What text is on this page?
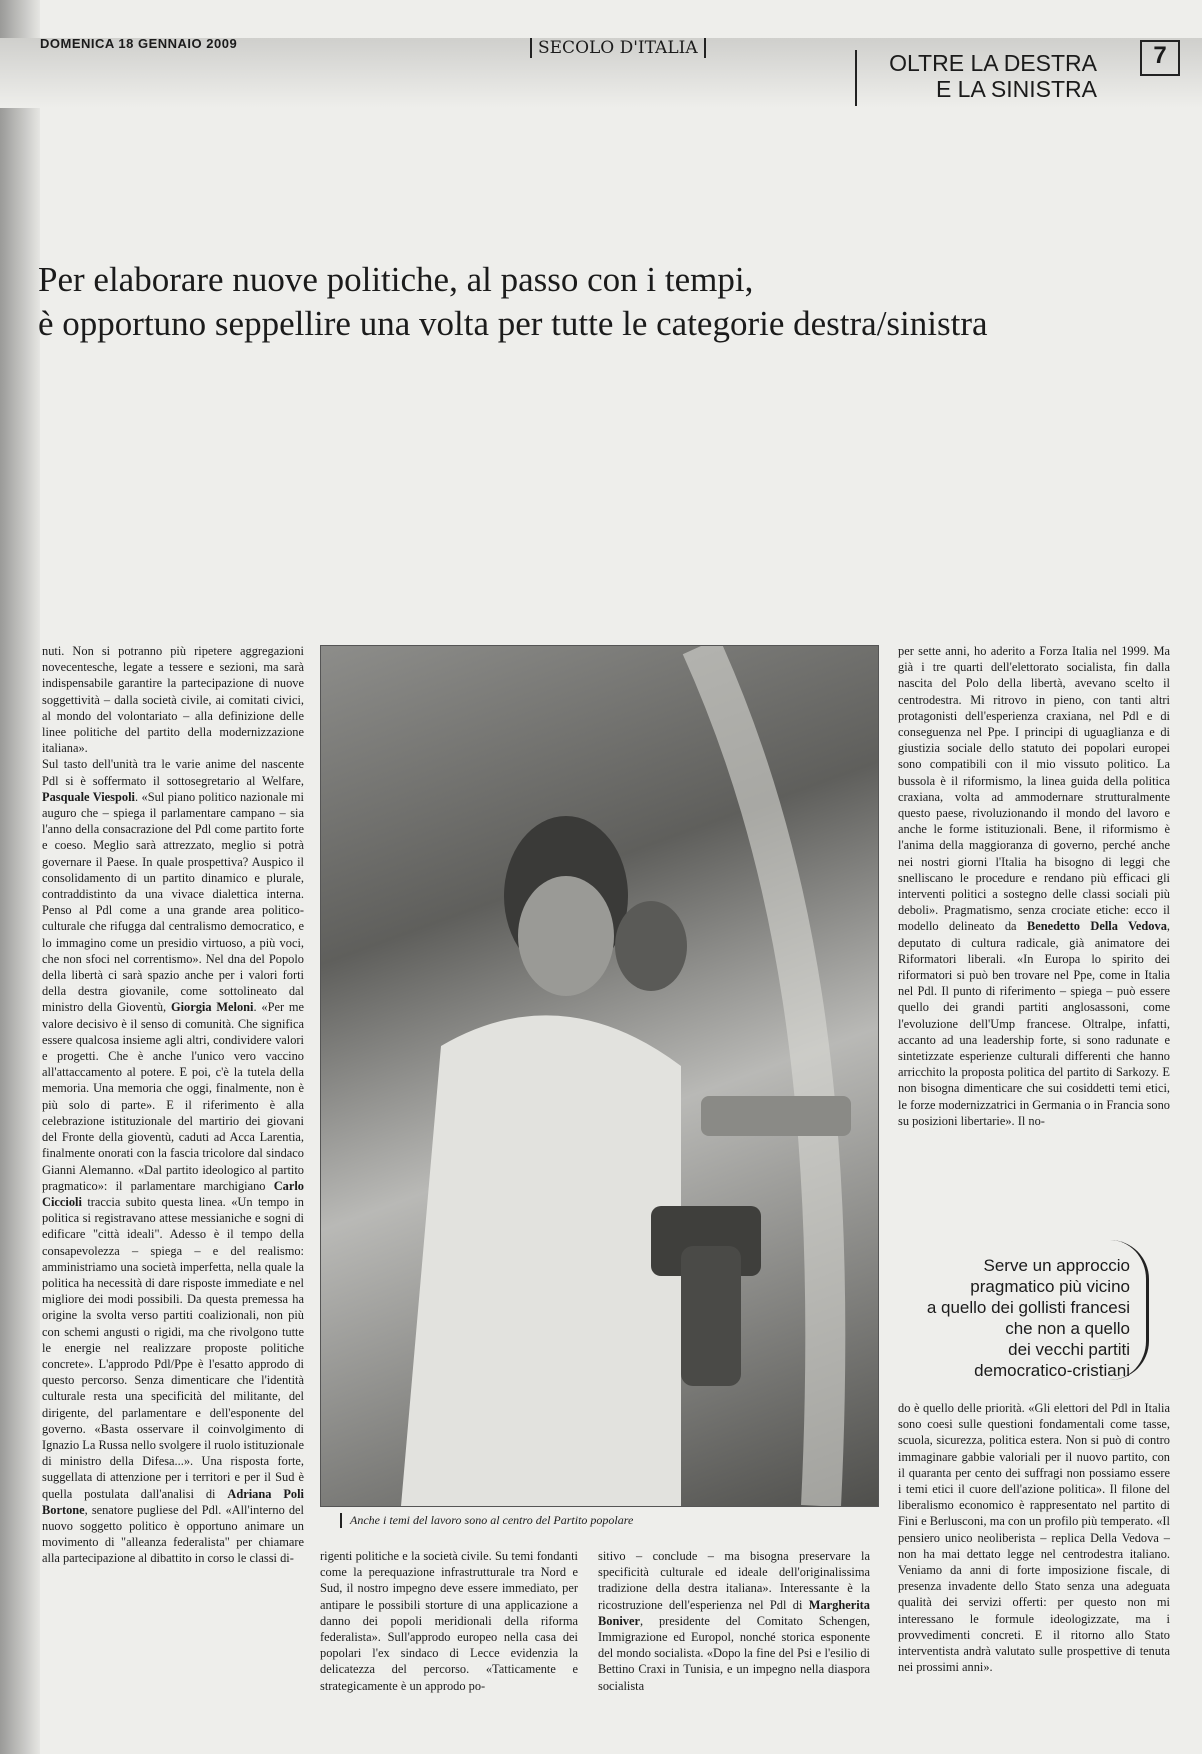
DOMENICA 18 GENNAIO 2009	SECOLO D'ITALIA
OLTRE LA DESTRA
E LA SINISTRA
7
Per elaborare nuove politiche, al passo con i tempi,
è opportuno seppellire una volta per tutte le categorie destra/sinistra

nuti. Non si potranno più ripetere aggregazioni novecentesche, legate a tessere e sezioni, ma sarà indispensabile garantire la partecipazione di nuove soggettività – dalla società civile, ai comitati civici, al mondo del volontariato – alla definizione delle linee politiche del partito della modernizzazione italiana».

Sul tasto dell'unità tra le varie anime del nascente Pdl si è soffermato il sottosegretario al Welfare, Pasquale Viespoli. «Sul piano politico nazionale mi auguro che – spiega il parlamentare campano – sia l'anno della consacrazione del Pdl come partito forte e coeso. Meglio sarà attrezzato, meglio si potrà governare il Paese. In quale prospettiva? Auspico il consolidamento di un partito dinamico e plurale, contraddistinto da una vivace dialettica interna. Penso al Pdl come a una grande area politico-culturale che rifugga dal centralismo democratico, e lo immagino come un presidio virtuoso, a più voci, che non sfoci nel correntismo». Nel dna del Popolo della libertà ci sarà spazio anche per i valori forti della destra giovanile, come sottolineato dal ministro della Gioventù, Giorgia Meloni. «Per me valore decisivo è il senso di comunità. Che significa essere qualcosa insieme agli altri, condividere valori e progetti. Che è anche l'unico vero vaccino all'attaccamento al potere. E poi, c'è la tutela della memoria. Una memoria che oggi, finalmente, non è più solo di parte». E il riferimento è alla celebrazione istituzionale del martirio dei giovani del Fronte della gioventù, caduti ad Acca Larentia, finalmente onorati con la fascia tricolore dal sindaco Gianni Alemanno. «Dal partito ideologico al partito pragmatico»: il parlamentare marchigiano Carlo Ciccioli traccia subito questa linea. «Un tempo in politica si registravano attese messianiche e sogni di edificare "città ideali". Adesso è il tempo della consapevolezza – spiega – e del realismo: amministriamo una società imperfetta, nella quale la politica ha necessità di dare risposte immediate e nel migliore dei modi possibili. Da questa premessa ha origine la svolta verso partiti coalizionali, non più con schemi angusti o rigidi, ma che rivolgono tutte le energie nel realizzare proposte politiche concrete». L'approdo Pdl/Ppe è l'esatto approdo di questo percorso. Senza dimenticare che l'identità culturale resta una specificità del militante, del dirigente, del parlamentare e dell'esponente del governo. «Basta osservare il coinvolgimento di Ignazio La Russa nello svolgere il ruolo istituzionale di ministro della Difesa...». Una risposta forte, suggellata di attenzione per i territori e per il Sud è quella postulata dall'analisi di Adriana Poli Bortone, senatore pugliese del Pdl. «All'interno del nuovo soggetto politico è opportuno animare un movimento di "alleanza federalista" per chiamare alla partecipazione al dibattito in corso le classi di-

Anche i temi del lavoro sono al centro del Partito popolare

rigenti politiche e la società civile. Su temi fondanti come la perequazione infrastrutturale tra Nord e Sud, il nostro impegno deve essere immediato, per antipare le possibili storture di una applicazione a danno dei popoli meridionali della riforma federalista». Sull'approdo europeo nella casa dei popolari l'ex sindaco di Lecce evidenzia la delicatezza del percorso. «Tatticamente e strategicamente è un approdo po-

sitivo – conclude – ma bisogna preservare la specificità culturale ed ideale dell'originalissima tradizione della destra italiana». Interessante è la ricostruzione dell'esperienza nel Pdl di Margherita Boniver, presidente del Comitato Schengen, Immigrazione ed Europol, nonché storica esponente del mondo socialista. «Dopo la fine del Psi e l'esilio di Bettino Craxi in Tunisia, e un impegno nella diaspora socialista

per sette anni, ho aderito a Forza Italia nel 1999. Ma già i tre quarti dell'elettorato socialista, fin dalla nascita del Polo della libertà, avevano scelto il centrodestra. Mi ritrovo in pieno, con tanti altri protagonisti dell'esperienza craxiana, nel Pdl e di conseguenza nel Ppe. I principi di uguaglianza e di giustizia sociale dello statuto dei popolari europei sono compatibili con il mio vissuto politico. La bussola è il riformismo, la linea guida della politica craxiana, volta ad ammodernare strutturalmente questo paese, rivoluzionando il mondo del lavoro e anche le forme istituzionali. Bene, il riformismo è l'anima della maggioranza di governo, perché anche nei nostri giorni l'Italia ha bisogno di leggi che snelliscano le procedure e rendano più efficaci gli interventi politici a sostegno delle classi sociali più deboli». Pragmatismo, senza crociate etiche: ecco il modello delineato da Benedetto Della Vedova, deputato di cultura radicale, già animatore dei Riformatori liberali. «In Europa lo spirito dei riformatori si può ben trovare nel Ppe, come in Italia nel Pdl. Il punto di riferimento – spiega – può essere quello dei grandi partiti anglosassoni, come l'evoluzione dell'Ump francese. Oltralpe, infatti, accanto ad una leadership forte, si sono radunate e sintetizzate esperienze culturali differenti che hanno arricchito la proposta politica del partito di Sarkozy. E non bisogna dimenticare che sui cosiddetti temi etici, le forze modernizzatrici in Germania o in Francia sono su posizioni libertarie». Il no-

Serve un approccio
pragmatico più vicino
a quello dei gollisti francesi
che non a quello
dei vecchi partiti
democratico-cristiani

do è quello delle priorità. «Gli elettori del Pdl in Italia sono coesi sulle questioni fondamentali come tasse, scuola, sicurezza, politica estera. Non si può di contro immaginare gabbie valoriali per il nuovo partito, con il quaranta per cento dei suffragi non possiamo essere i temi etici il cuore dell'azione politica». Il filone del liberalismo economico è rappresentato nel partito di Fini e Berlusconi, ma con un profilo più temperato. «Il pensiero unico neoliberista – replica Della Vedova – non ha mai dettato legge nel centrodestra italiano. Veniamo da anni di forte imposizione fiscale, di presenza invadente dello Stato senza una adeguata qualità dei servizi offerti: per questo non mi interessano le formule ideologizzate, ma i provvedimenti concreti. E il ritorno allo Stato interventista andrà valutato sulle prospettive di tenuta nei prossimi anni».
